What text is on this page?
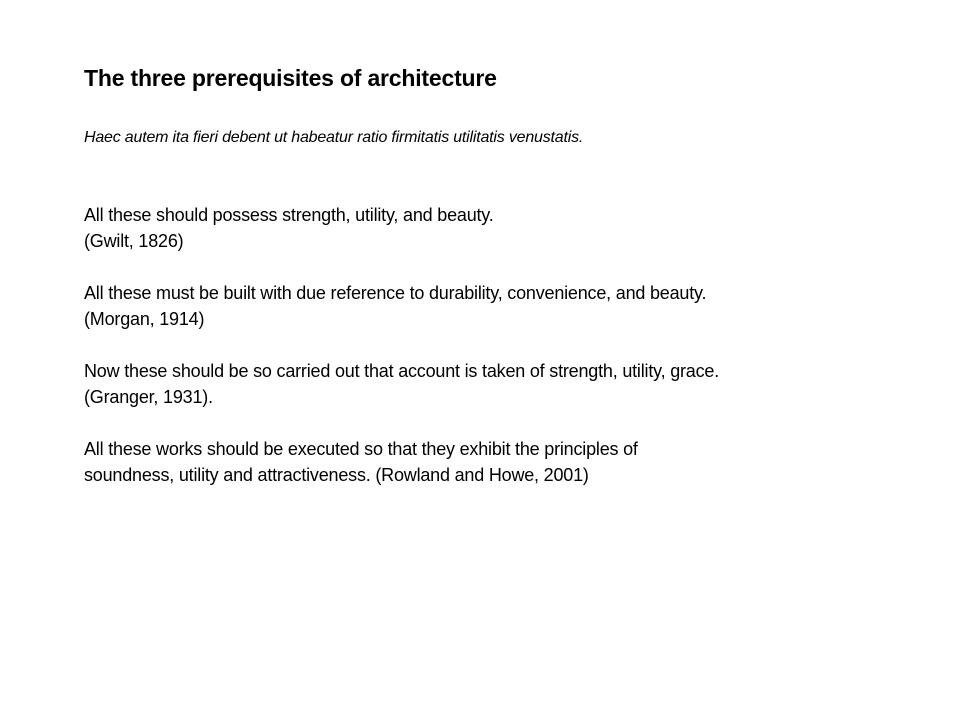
The three prerequisites of architecture

Haec autem ita fieri debent ut habeatur ratio firmitatis utilitatis venustatis.

All these should possess strength, utility, and beauty.
(Gwilt, 1826)
All these must be built with due reference to durability, convenience, and beauty.
(Morgan, 1914)
Now these should be so carried out that account is taken of strength, utility, grace.
(Granger, 1931).
All these works should be executed so that they exhibit the principles of
soundness, utility and attractiveness. (Rowland and Howe, 2001)
